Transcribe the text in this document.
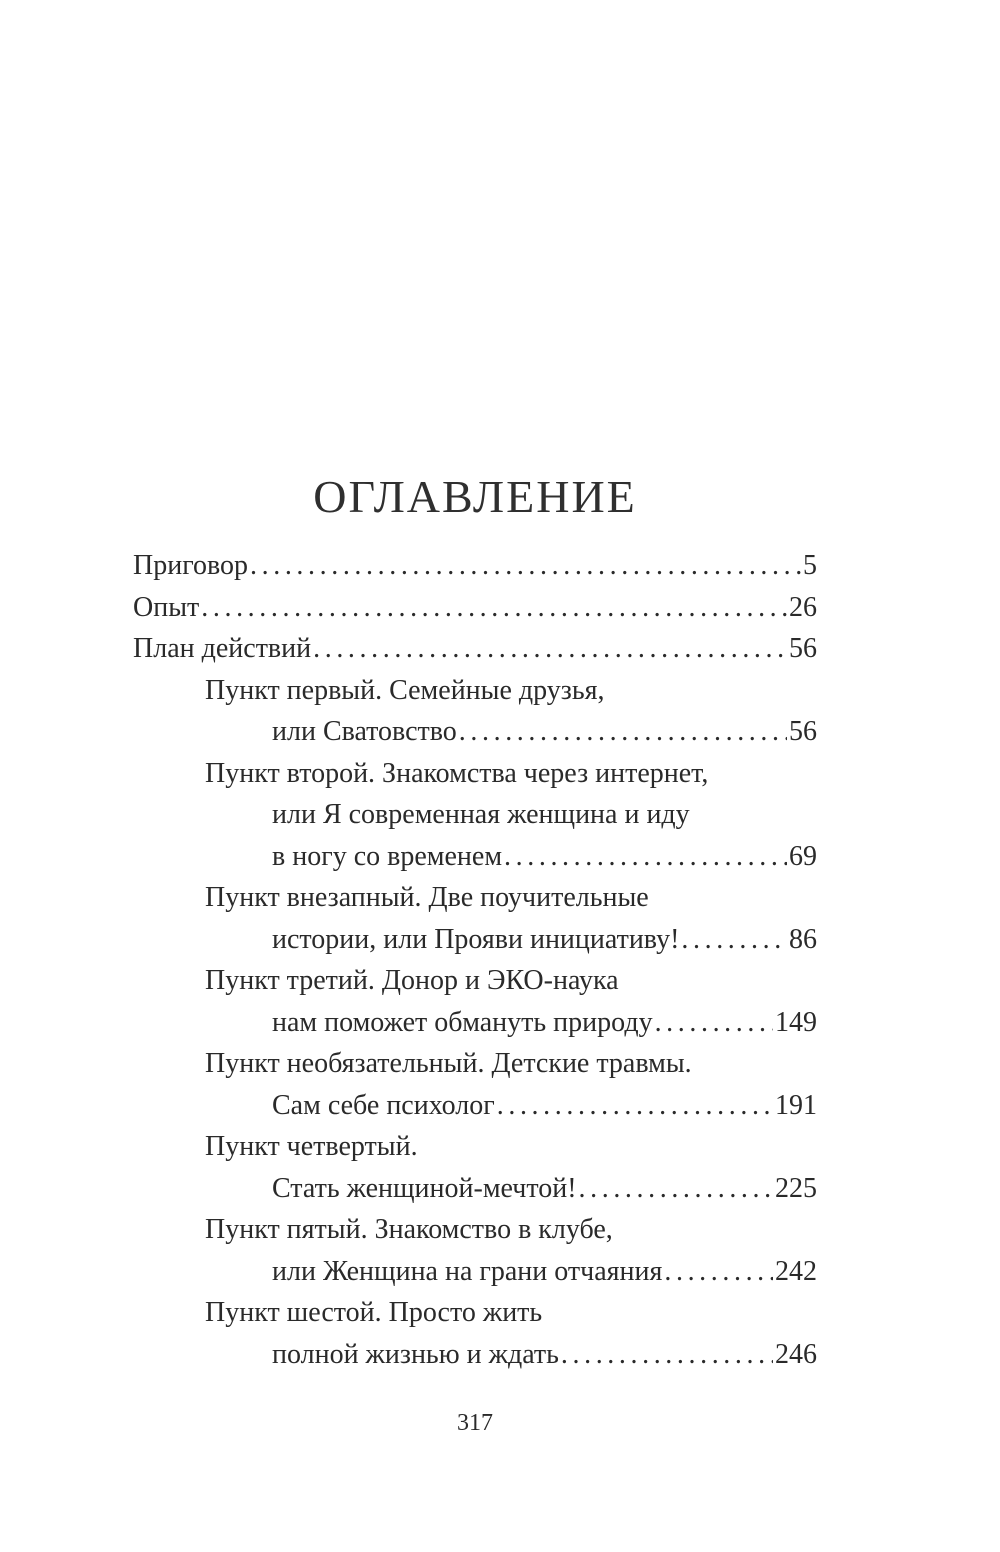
ОГЛАВЛЕНИЕ
Приговор . . .	5
Опыт . . .	26
План действий . . .	56
Пункт первый. Семейные друзья,
или Сватовство . . .	56
Пункт второй. Знакомства через интернет,
или Я современная женщина и иду
в ногу со временем . . .	69
Пункт внезапный. Две поучительные
истории, или Прояви инициативу! . . .	86
Пункт третий. Донор и ЭКО-наука
нам поможет обмануть природу . . .	149
Пункт необязательный. Детские травмы.
Сам себе психолог . . .	191
Пункт четвертый.
Стать женщиной-мечтой! . . .	225
Пункт пятый. Знакомство в клубе,
или Женщина на грани отчаяния . . .	242
Пункт шестой. Просто жить
полной жизнью и ждать . . .	246
317
